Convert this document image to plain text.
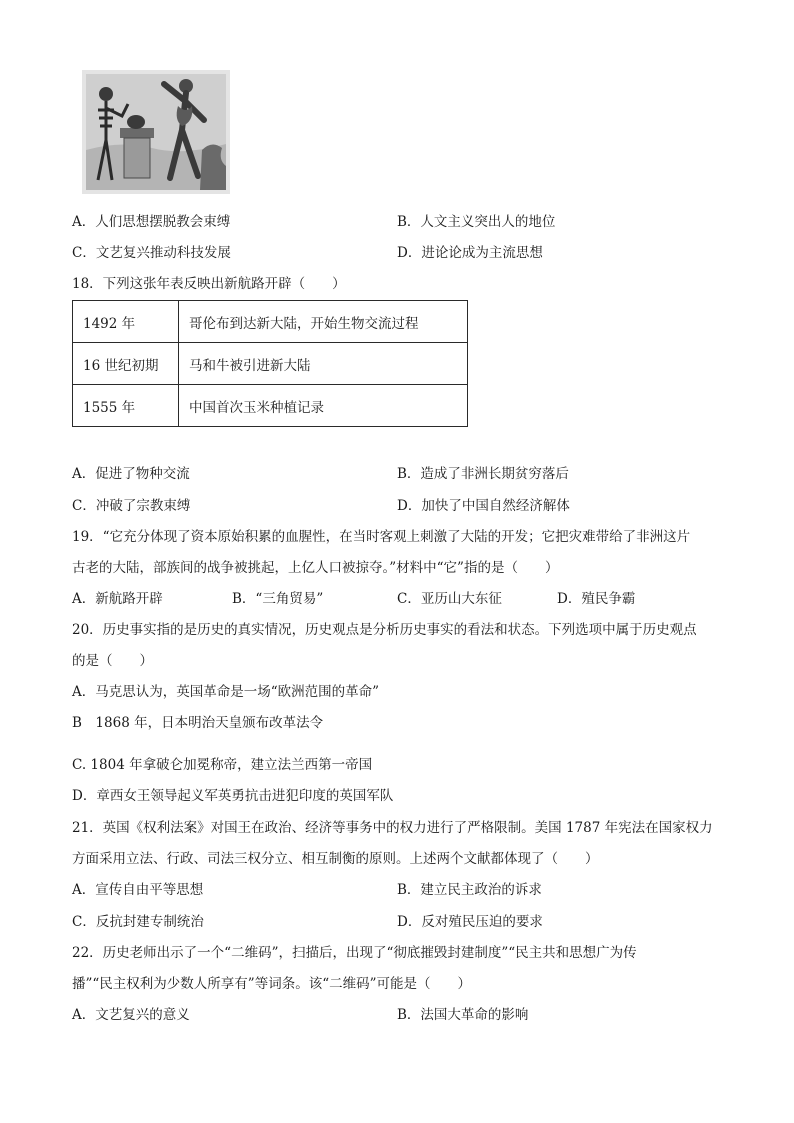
A．人们思想摆脱教会束缚	B．人文主义突出人的地位
C．文艺复兴推动科技发展	D．进论论成为主流思想
18．下列这张年表反映出新航路开辟（　　）
1492 年	哥伦布到达新大陆，开始生物交流过程
16 世纪初期	马和牛被引进新大陆
1555 年	中国首次玉米种植记录
A．促进了物种交流	B．造成了非洲长期贫穷落后
C．冲破了宗教束缚	D．加快了中国自然经济解体
19．“它充分体现了资本原始积累的血腥性，在当时客观上刺激了大陆的开发；它把灾难带给了非洲这片
古老的大陆，部族间的战争被挑起，上亿人口被掠夺。”材料中“它”指的是（　　）
A．新航路开辟	B．“三角贸易”	C．亚历山大东征	D．殖民争霸
20．历史事实指的是历史的真实情况，历史观点是分析历史事实的看法和状态。下列选项中属于历史观点
的是（　　）
A．马克思认为，英国革命是一场“欧洲范围的革命”
B　1868 年，日本明治天皇颁布改革法令
C. 1804 年拿破仑加冕称帝，建立法兰西第一帝国
D．章西女王领导起义军英勇抗击进犯印度的英国军队
21．英国《权利法案》对国王在政治、经济等事务中的权力进行了严格限制。美国 1787 年宪法在国家权力
方面采用立法、行政、司法三权分立、相互制衡的原则。上述两个文献都体现了（　　）
A．宣传自由平等思想	B．建立民主政治的诉求
C．反抗封建专制统治	D．反对殖民压迫的要求
22．历史老师出示了一个“二维码”，扫描后，出现了“彻底摧毁封建制度”“民主共和思想广为传
播”“民主权利为少数人所享有”等词条。该“二维码”可能是（　　）
A．文艺复兴的意义	B．法国大革命的影响
